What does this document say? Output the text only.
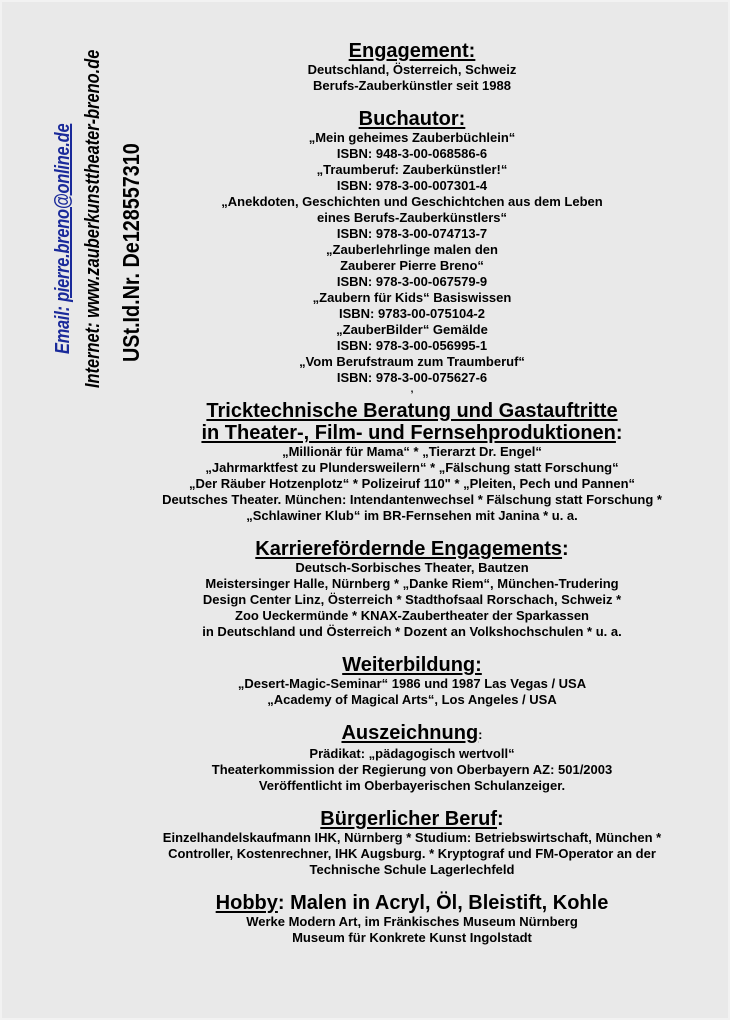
Email: pierre.breno@online.de
Internet: www.zauberkunsttheater-breno.de USt.Id.Nr. De128557310

Engagement:

Deutschland, Österreich, Schweiz

Berufs-Zauberkünstler seit 1988

Buchautor:

„Mein geheimes Zauberbüchlein“

ISBN: 948-3-00-068586-6

„Traumberuf: Zauberkünstler!“

ISBN: 978-3-00-007301-4

„Anekdoten, Geschichten und Geschichtchen aus dem Leben

eines Berufs-Zauberkünstlers“

ISBN: 978-3-00-074713-7

„Zauberlehrlinge malen den

Zauberer Pierre Breno“

ISBN: 978-3-00-067579-9

„Zaubern für Kids“ Basiswissen

ISBN: 9783-00-075104-2

„ZauberBilder“ Gemälde

ISBN: 978-3-00-056995-1

„Vom Berufstraum zum Traumberuf“

ISBN: 978-3-00-075627-6

,

Tricktechnische Beratung und Gastauftritte

in Theater-, Film- und Fernsehproduktionen:

„Millionär für Mama“ * „Tierarzt Dr. Engel“

„Jahrmarktfest zu Plundersweilern“ * „Fälschung statt Forschung“

„Der Räuber Hotzenplotz“ * Polizeiruf 110" * „Pleiten, Pech und Pannen“

Deutsches Theater. München: Intendantenwechsel * Fälschung statt Forschung *

„Schlawiner Klub“ im BR-Fernsehen mit Janina * u. a.

Karrierefördernde Engagements:

Deutsch-Sorbisches Theater, Bautzen

Meistersinger Halle, Nürnberg * „Danke Riem“, München-Trudering

Design Center Linz, Österreich * Stadthofsaal Rorschach, Schweiz *

Zoo Ueckermünde * KNAX-Zaubertheater der Sparkassen

in Deutschland und Österreich * Dozent an Volkshochschulen * u. a.

Weiterbildung:

„Desert-Magic-Seminar“ 1986 und 1987 Las Vegas / USA

„Academy of Magical Arts“, Los Angeles / USA

Auszeichnung:

Prädikat: „pädagogisch wertvoll“

Theaterkommission der Regierung von Oberbayern AZ: 501/2003

Veröffentlicht im Oberbayerischen Schulanzeiger.

Bürgerlicher Beruf:

Einzelhandelskaufmann IHK, Nürnberg * Studium: Betriebswirtschaft, München *

Controller, Kostenrechner, IHK Augsburg. * Kryptograf und FM-Operator an der

Technische Schule Lagerlechfeld

Hobby: Malen in Acryl, Öl, Bleistift, Kohle

Werke Modern Art, im Fränkisches Museum Nürnberg

Museum für Konkrete Kunst Ingolstadt
